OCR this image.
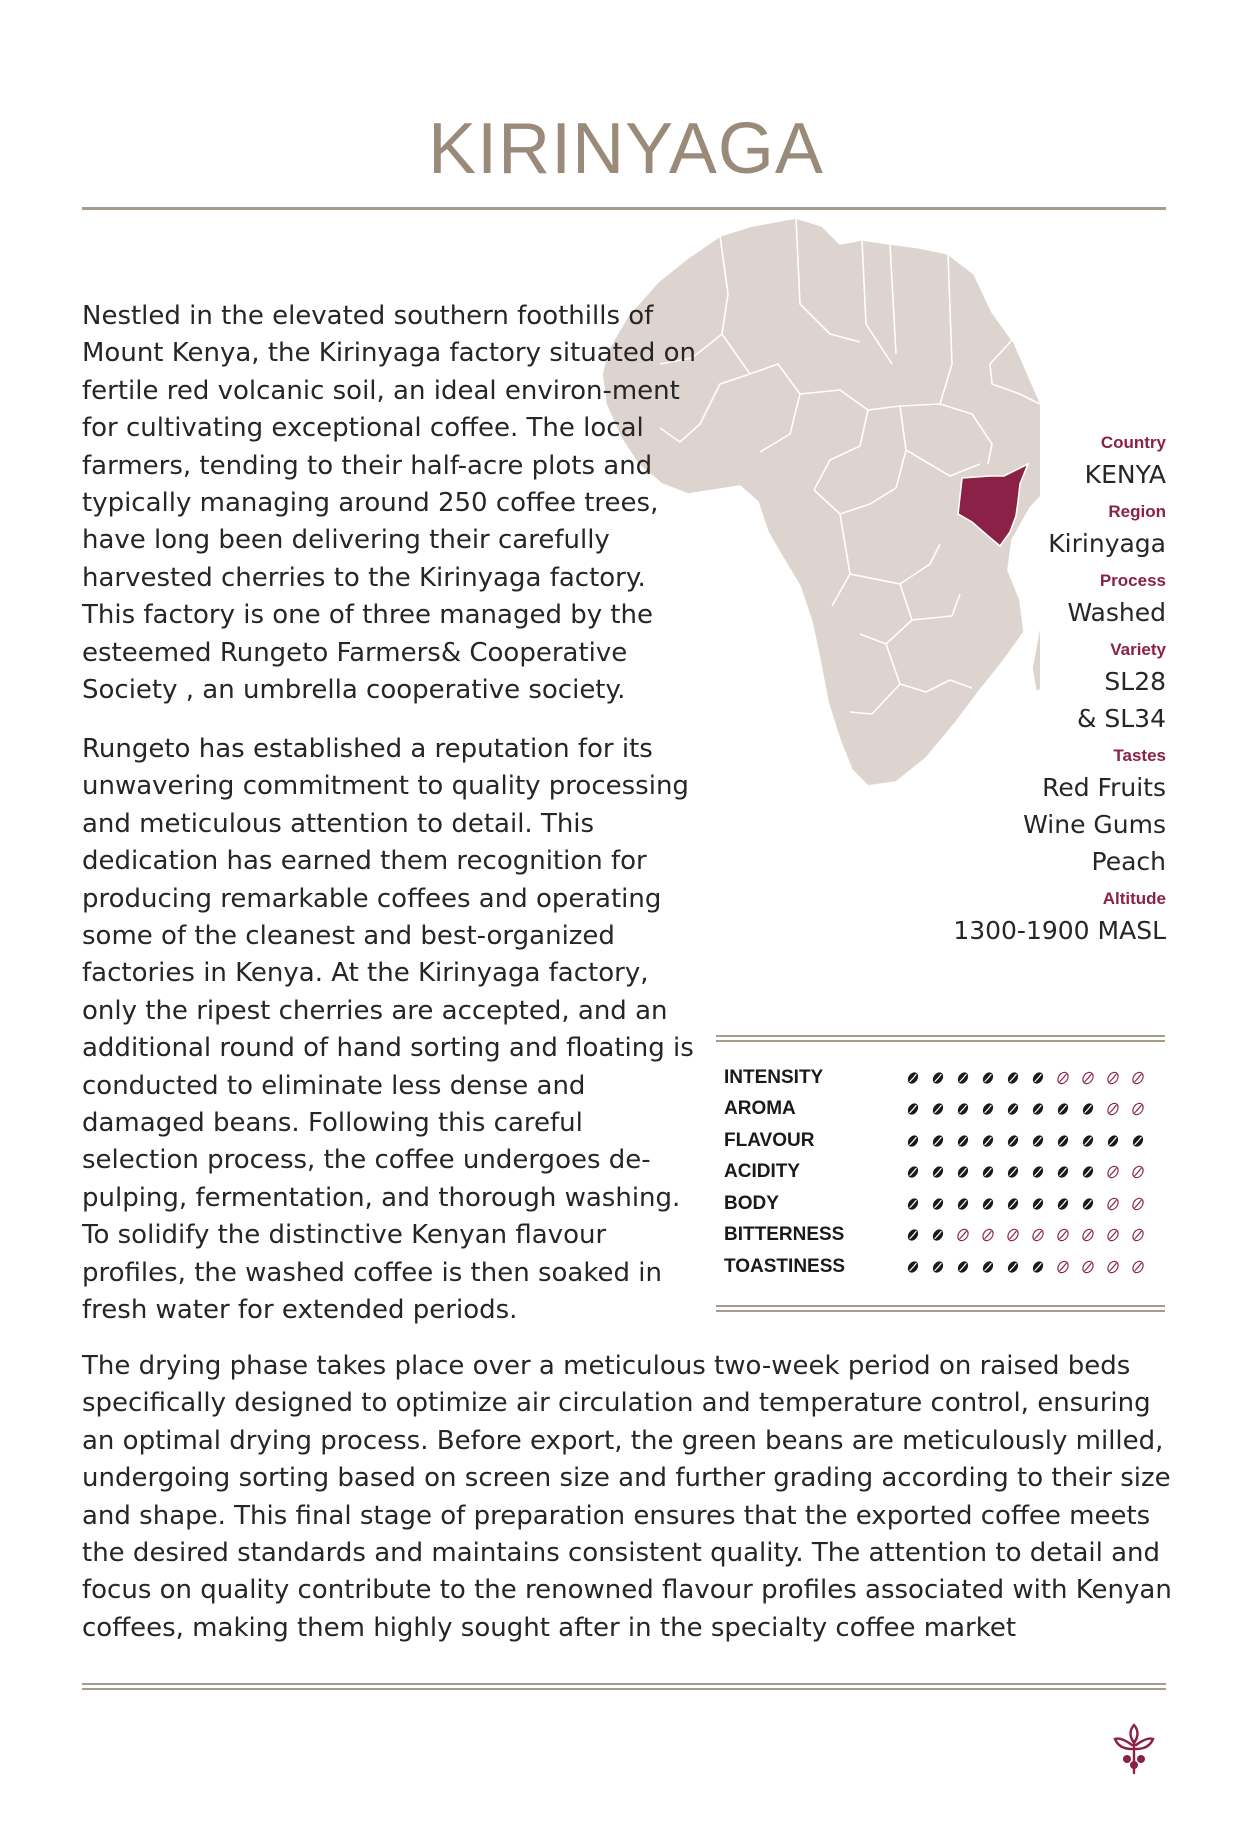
KIRINYAGA

Nestled in the elevated southern foothills of Mount Kenya, the Kirinyaga factory situated on fertile red volcanic soil, an ideal environ-ment for cultivating exceptional coffee. The local farmers, tending to their half-acre plots and typically managing around 250 coffee trees, have long been delivering their carefully harvested cherries to the Kirinyaga factory. This factory is one of three managed by the esteemed Rungeto Farmers& Cooperative Society , an umbrella cooperative society.

Rungeto has established a reputation for its unwavering commitment to quality processing and meticulous attention to detail. This dedication has earned them recognition for producing remarkable coffees and operating some of the cleanest and best-organized factories in Kenya. At the Kirinyaga factory, only the ripest cherries are accepted, and an additional round of hand sorting and floating is conducted to eliminate less dense and damaged beans. Following this careful selection process, the coffee undergoes de-pulping, fermentation, and thorough washing. To solidify the distinctive Kenyan flavour profiles, the washed coffee is then soaked in fresh water for extended periods.

Country

KENYA

Region

Kirinyaga

Process

Washed

Variety

SL28

& SL34

Tastes

Red Fruits

Wine Gums

Peach

Altitude

1300-1900 MASL

INTENSITY
AROMA
FLAVOUR
ACIDITY
BODY
BITTERNESS
TOASTINESS

The drying phase takes place over a meticulous two-week period on raised beds specifically designed to optimize air circulation and temperature control, ensuring an optimal drying process. Before export, the green beans are meticulously milled, undergoing sorting based on screen size and further grading according to their size and shape. This final stage of preparation ensures that the exported coffee meets the desired standards and maintains consistent quality. The attention to detail and focus on quality contribute to the renowned flavour profiles associated with Kenyan coffees, making them highly sought after in the specialty coffee market
